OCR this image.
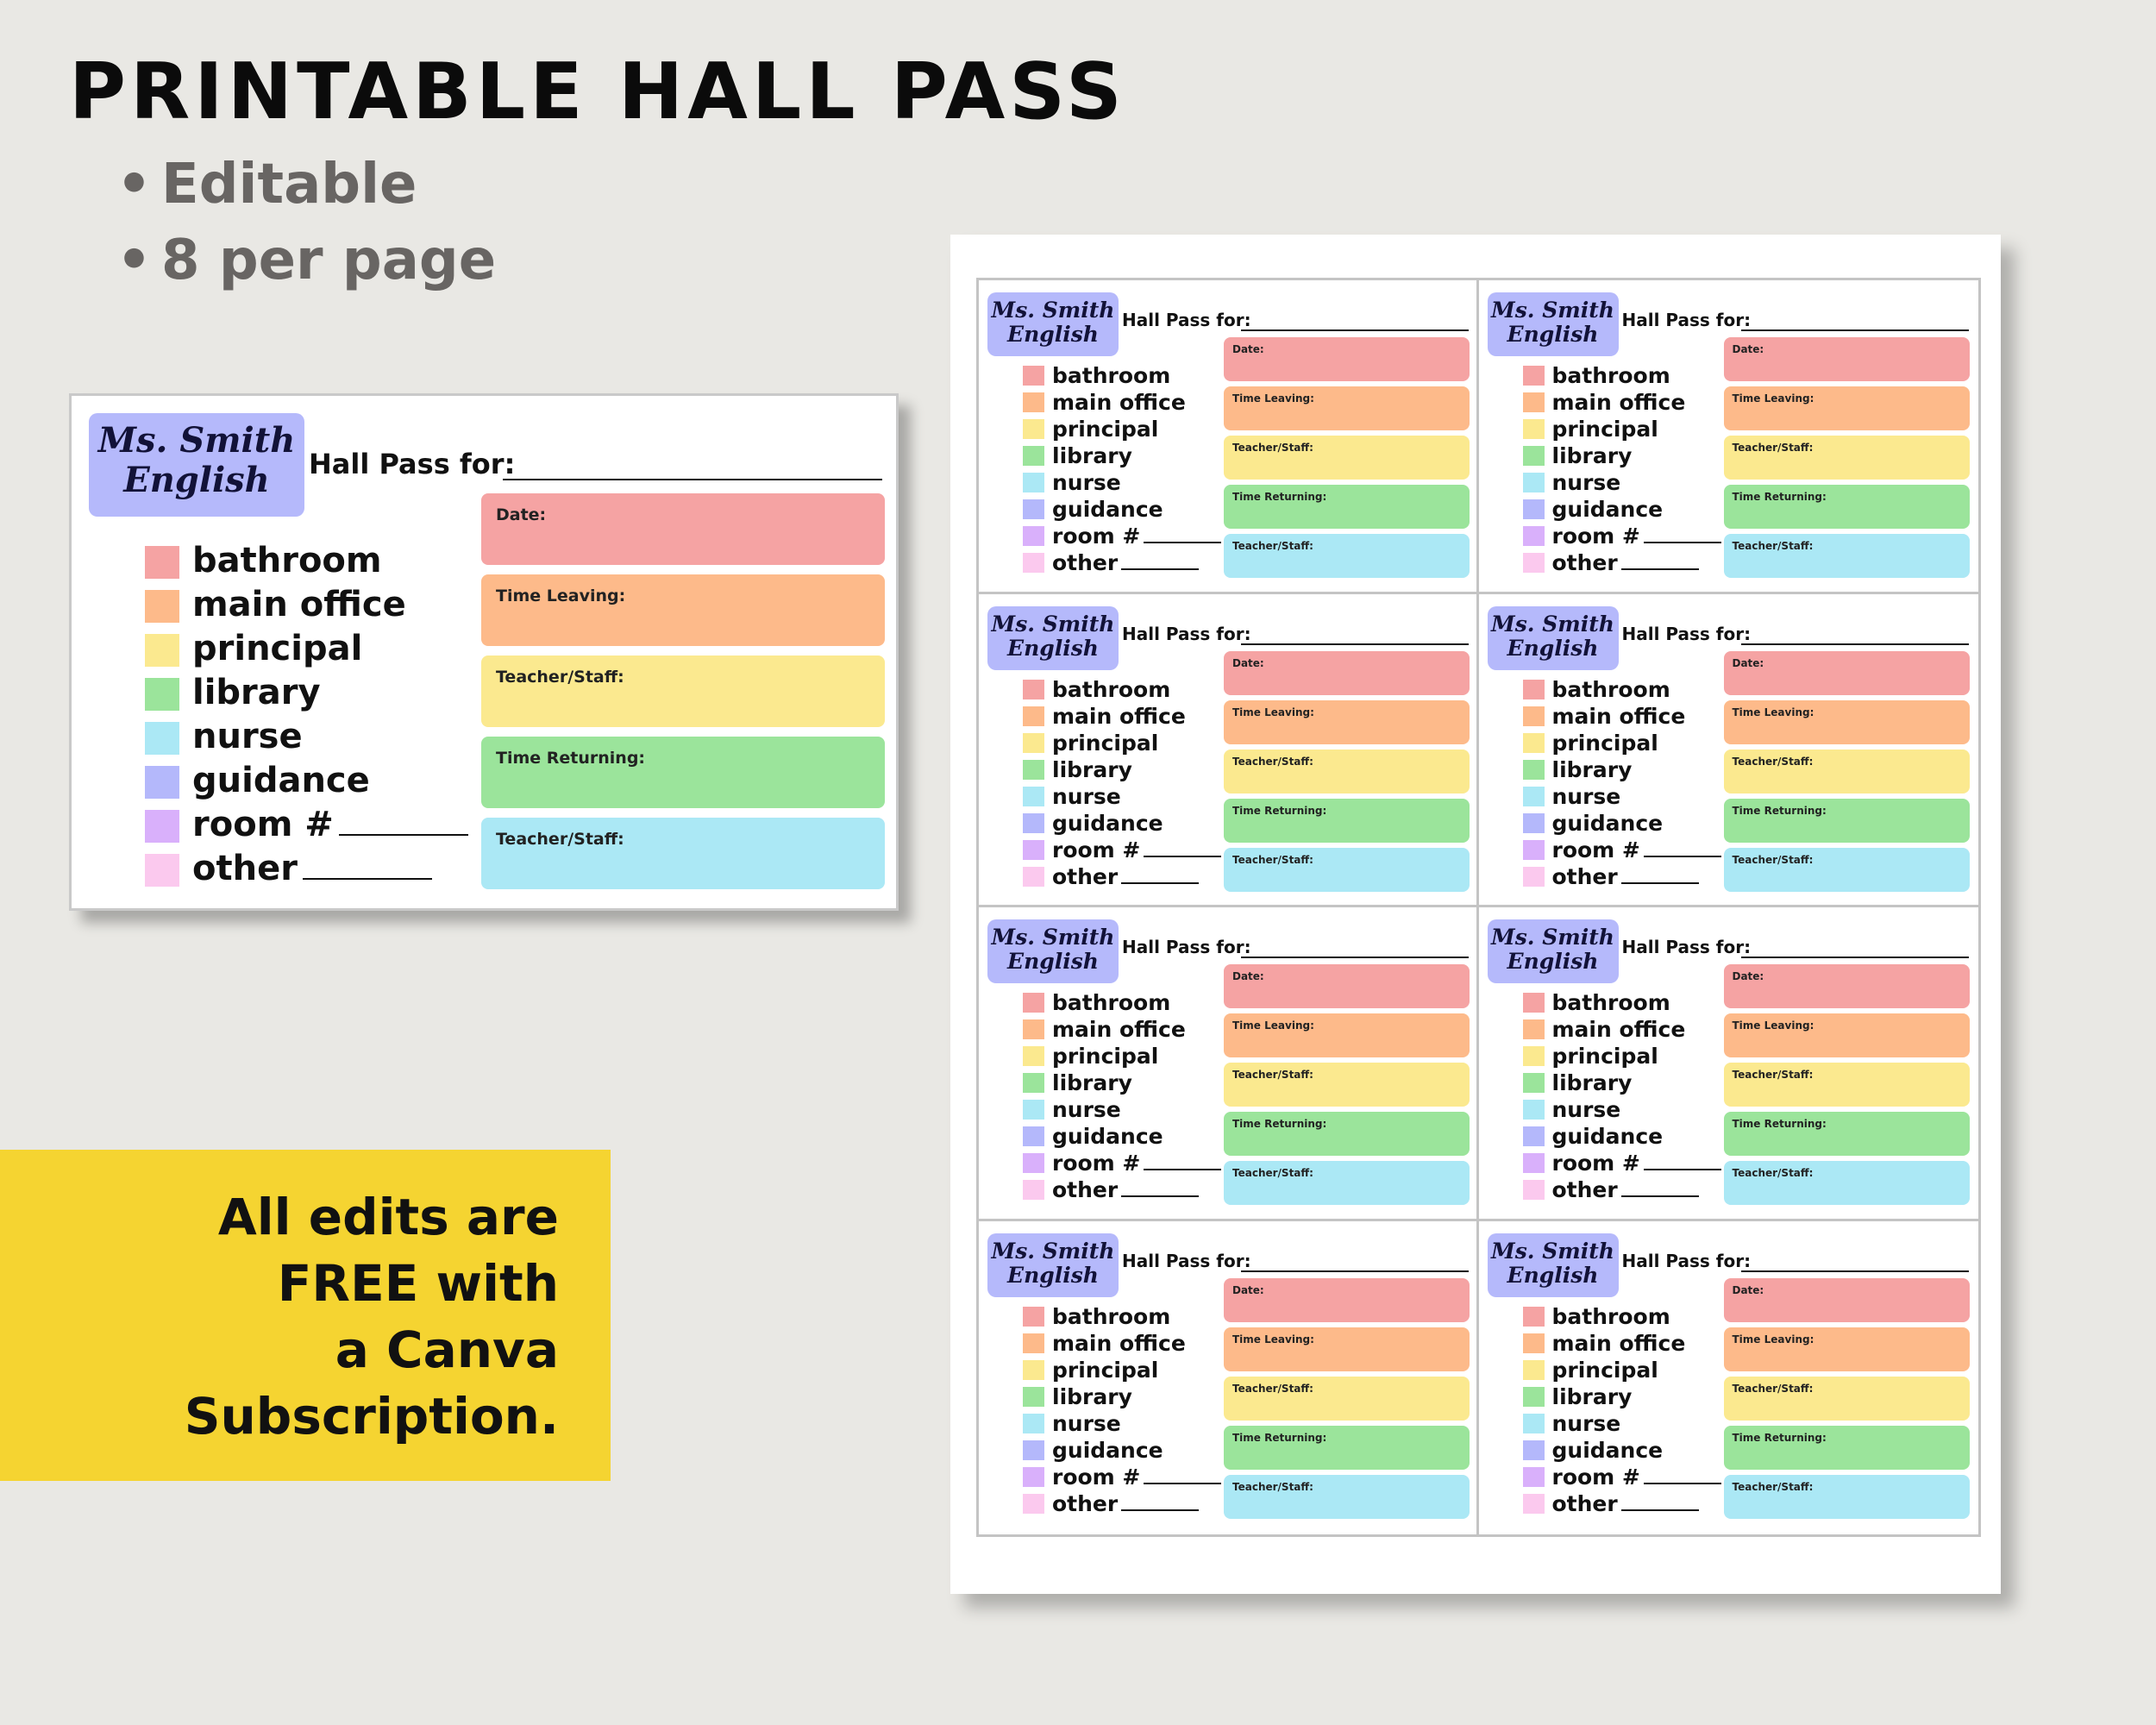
PRINTABLE HALL PASS
• Editable
• 8 per page
Ms. Smith
English	Hall Pass for:
bathroom
main office
principal
library
nurse
guidance
room #
other
Date:
Time Leaving:
Teacher/Staff:
Time Returning:
Teacher/Staff:
All edits are
FREE with
a Canva
Subscription.
Ms. Smith
English
Hall Pass for:
bathroom
main office
principal
library
nurse
guidance
room #
other
Date:
Time Leaving:
Teacher/Staff:
Time Returning:
Teacher/Staff:
Ms. Smith
English
Hall Pass for:
bathroom
main office
principal
library
nurse
guidance
room #
other
Date:
Time Leaving:
Teacher/Staff:
Time Returning:
Teacher/Staff:
Ms. Smith
English
Hall Pass for:
bathroom
main office
principal
library
nurse
guidance
room #
other
Date:
Time Leaving:
Teacher/Staff:
Time Returning:
Teacher/Staff:
Ms. Smith
English
Hall Pass for:
bathroom
main office
principal
library
nurse
guidance
room #
other
Date:
Time Leaving:
Teacher/Staff:
Time Returning:
Teacher/Staff:
Ms. Smith
English
Hall Pass for:
bathroom
main office
principal
library
nurse
guidance
room #
other
Date:
Time Leaving:
Teacher/Staff:
Time Returning:
Teacher/Staff:
Ms. Smith
English
Hall Pass for:
bathroom
main office
principal
library
nurse
guidance
room #
other
Date:
Time Leaving:
Teacher/Staff:
Time Returning:
Teacher/Staff:
Ms. Smith
English
Hall Pass for:
bathroom
main office
principal
library
nurse
guidance
room #
other
Date:
Time Leaving:
Teacher/Staff:
Time Returning:
Teacher/Staff:
Ms. Smith
English
Hall Pass for:
bathroom
main office
principal
library
nurse
guidance
room #
other
Date:
Time Leaving:
Teacher/Staff:
Time Returning:
Teacher/Staff:
